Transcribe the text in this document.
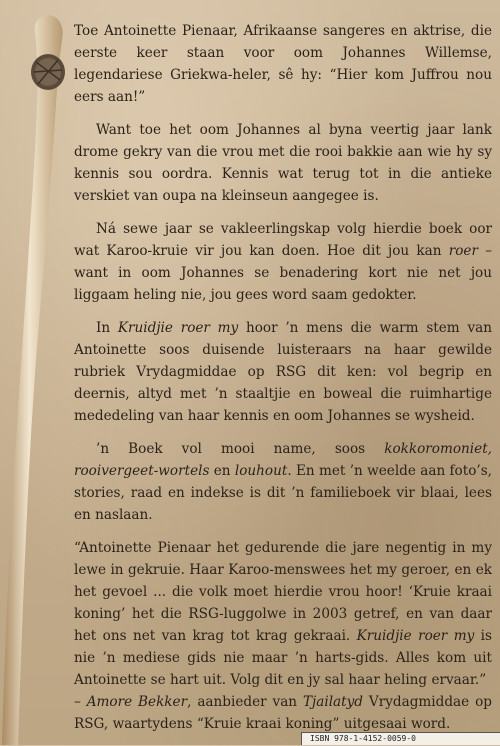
Toe Antoinette Pienaar, Afrikaanse sangeres en aktrise, die eerste keer staan voor oom Johannes Willemse, legendariese Griekwa-heler, sê hy: “Hier kom Juffrou nou eers aan!”

Want toe het oom Johannes al byna veertig jaar lank drome gekry van die vrou met die rooi bakkie aan wie hy sy kennis sou oordra. Kennis wat terug tot in die antieke verskiet van oupa na kleinseun aangegee is.

Ná sewe jaar se vakleerlingskap volg hierdie boek oor wat Karoo-kruie vir jou kan doen. Hoe dit jou kan roer – want in oom Johannes se benadering kort nie net jou liggaam heling nie, jou gees word saam gedokter.

In Kruidjie roer my hoor ’n mens die warm stem van Antoinette soos duisende luisteraars na haar gewilde rubriek Vrydagmiddae op RSG dit ken: vol begrip en deernis, altyd met ’n staaltjie en boweal die ruimhartige mededeling van haar kennis en oom Johannes se wysheid.

’n Boek vol mooi name, soos kokkoromoniet, rooivergeet-wortels en louhout. En met ’n weelde aan foto’s, stories, raad en indekse is dit ’n familieboek vir blaai, lees en naslaan.

“Antoinette Pienaar het gedurende die jare negentig in my lewe in gekruie. Haar Karoo-menswees het my geroer, en ek het gevoel ... die volk moet hierdie vrou hoor! ‘Kruie kraai koning’ het die RSG-luggolwe in 2003 getref, en van daar het ons net van krag tot krag gekraai. Kruidjie roer my is nie ’n mediese gids nie maar ’n harts-gids. Alles kom uit Antoinette se hart uit. Volg dit en jy sal haar heling ervaar.”
– Amore Bekker, aanbieder van Tjailatyd Vrydagmiddae op RSG, waartydens “Kruie kraai koning” uitgesaai word.

ISBN 978-1-4152-0059-0
